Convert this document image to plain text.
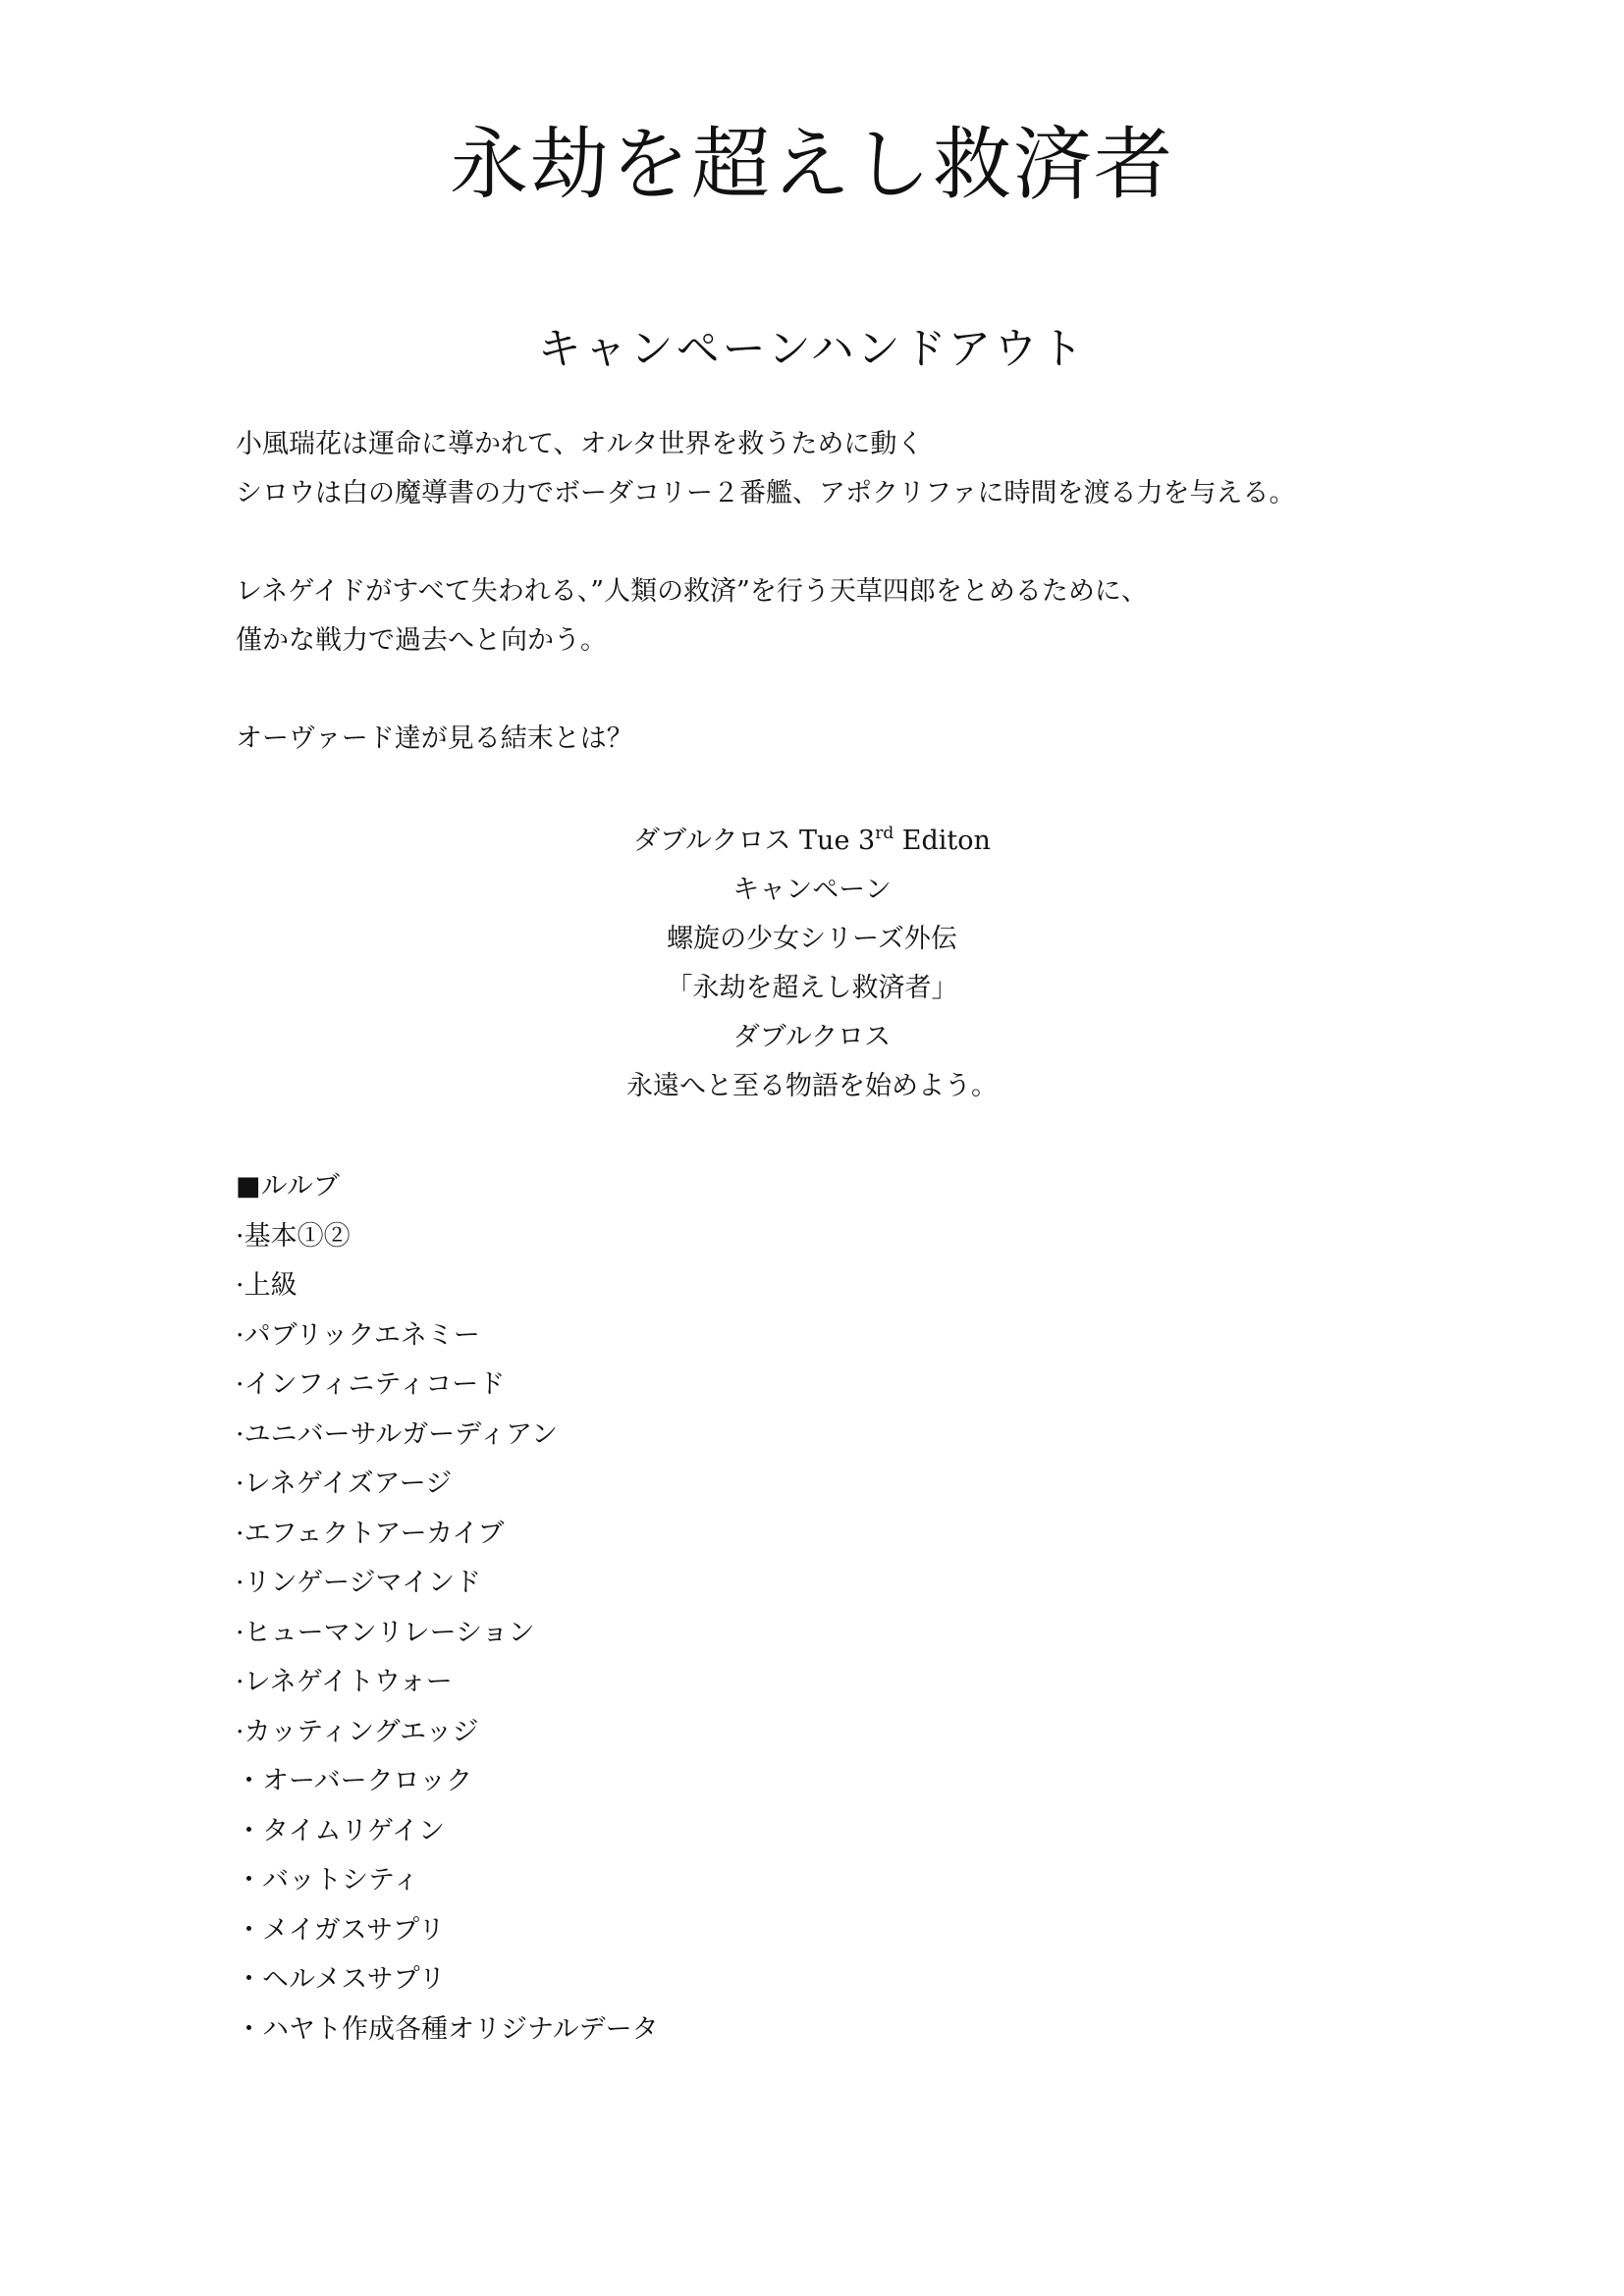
永劫を超えし救済者
キャンペーンハンドアウト
小風瑞花は運命に導かれて、オルタ世界を救うために動く
シロウは白の魔導書の力でボーダコリー２番艦、アポクリファに時間を渡る力を与える。
レネゲイドがすべて失われる、”人類の救済”を行う天草四郎をとめるために、
僅かな戦力で過去へと向かう。
オーヴァード達が見る結末とは？
ダブルクロス Tue 3rd Editon
キャンペーン
螺旋の少女シリーズ外伝
「永劫を超えし救済者」
ダブルクロス
永遠へと至る物語を始めよう。
■ルルブ
·基本①②
·上級
·パブリックエネミー
·インフィニティコード
·ユニバーサルガーディアン
·レネゲイズアージ
·エフェクトアーカイブ
·リンゲージマインド
·ヒューマンリレーション
·レネゲイトウォー
·カッティングエッジ
・オーバークロック
・タイムリゲイン
・バットシティ
・メイガスサプリ
・ヘルメスサプリ
・ハヤト作成各種オリジナルデータ
